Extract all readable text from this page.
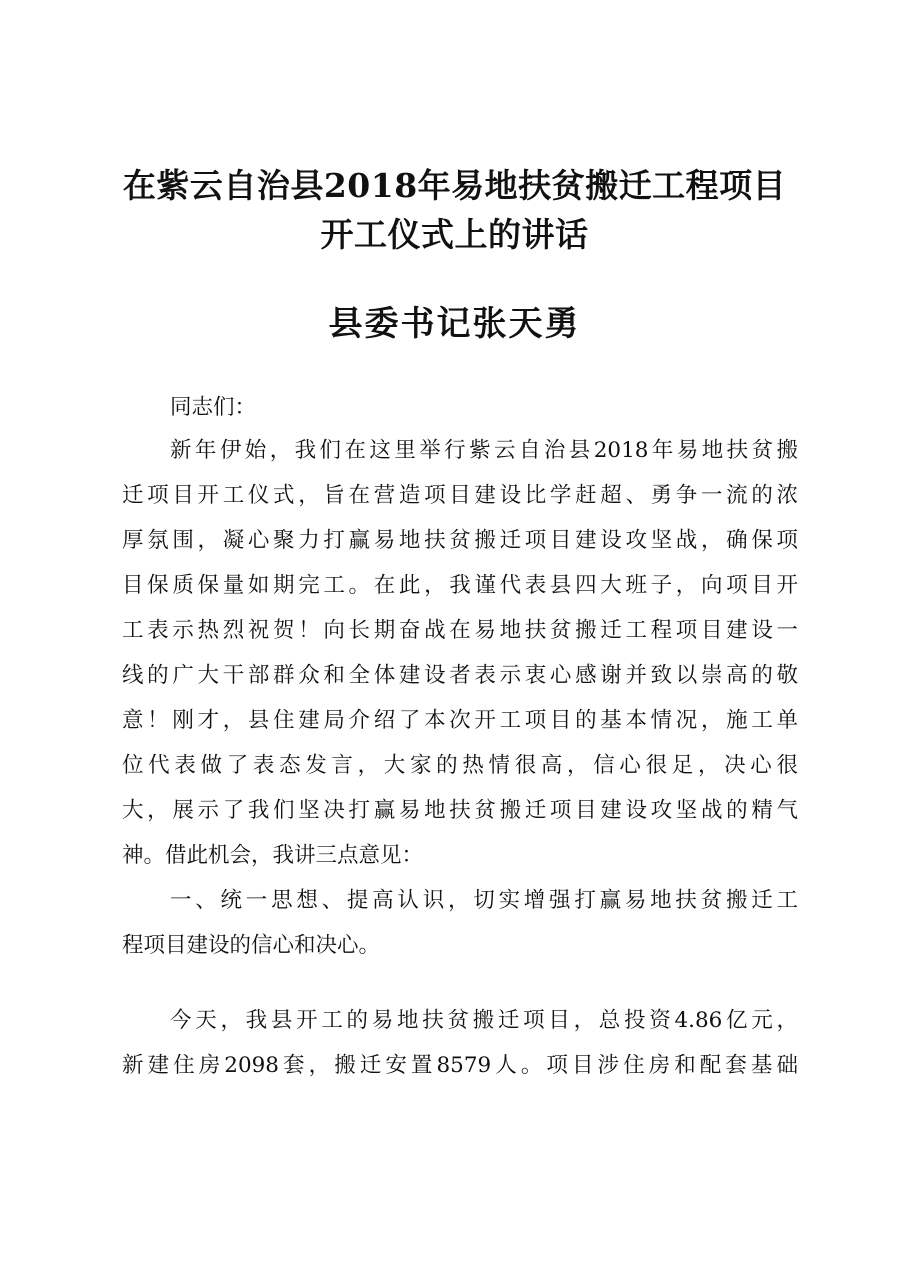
在紫云自治县2018年易地扶贫搬迁工程项目
开工仪式上的讲话
县委书记张天勇
同志们：
新年伊始，我们在这里举行紫云自治县2018年易地扶贫搬
迁项目开工仪式，旨在营造项目建设比学赶超、勇争一流的浓
厚氛围，凝心聚力打赢易地扶贫搬迁项目建设攻坚战，确保项
目保质保量如期完工。在此，我谨代表县四大班子，向项目开
工表示热烈祝贺！向长期奋战在易地扶贫搬迁工程项目建设一
线的广大干部群众和全体建设者表示衷心感谢并致以崇高的敬
意！刚才，县住建局介绍了本次开工项目的基本情况，施工单
位代表做了表态发言，大家的热情很高，信心很足，决心很
大，展示了我们坚决打赢易地扶贫搬迁项目建设攻坚战的精气
神。借此机会，我讲三点意见：
一、统一思想、提高认识，切实增强打赢易地扶贫搬迁工
程项目建设的信心和决心。
今天，我县开工的易地扶贫搬迁项目，总投资4.86亿元，
新建住房2098套，搬迁安置8579人。项目涉住房和配套基础
